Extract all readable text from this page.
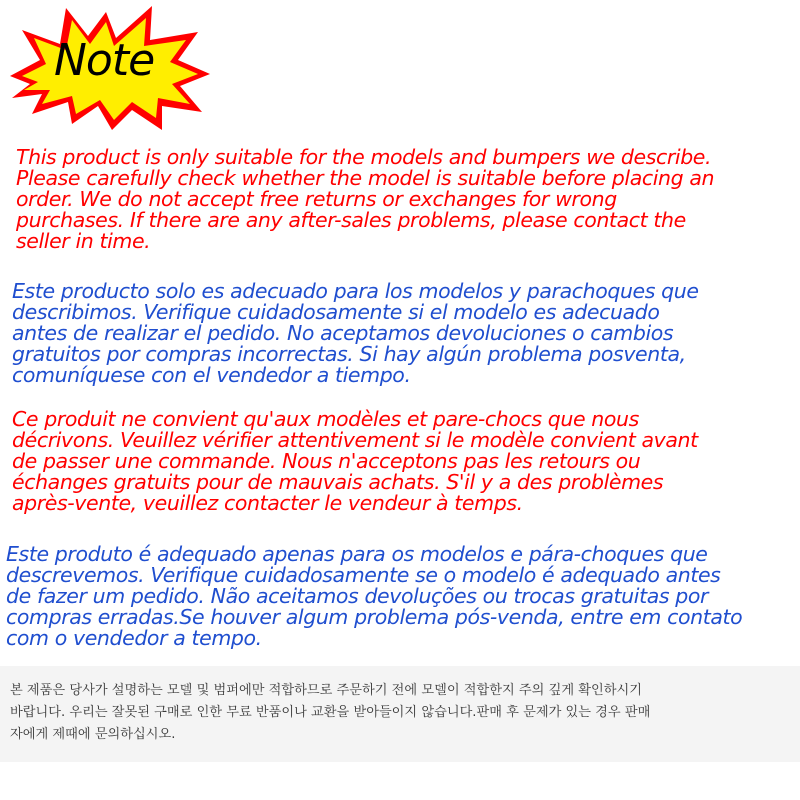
Note

This product is only suitable for the models and bumpers we describe.
Please carefully check whether the model is suitable before placing an
order. We do not accept free returns or exchanges for wrong
purchases. If there are any after-sales problems, please contact the
seller in time.

Este producto solo es adecuado para los modelos y parachoques que
describimos. Verifique cuidadosamente si el modelo es adecuado
antes de realizar el pedido. No aceptamos devoluciones o cambios
gratuitos por compras incorrectas. Si hay algún problema posventa,
comuníquese con el vendedor a tiempo.

Ce produit ne convient qu'aux modèles et pare-chocs que nous
décrivons. Veuillez vérifier attentivement si le modèle convient avant
de passer une commande. Nous n'acceptons pas les retours ou
échanges gratuits pour de mauvais achats. S'il y a des problèmes
après-vente, veuillez contacter le vendeur à temps.

Este produto é adequado apenas para os modelos e pára-choques que
descrevemos. Verifique cuidadosamente se o modelo é adequado antes
de fazer um pedido. Não aceitamos devoluções ou trocas gratuitas por
compras erradas.Se houver algum problema pós-venda, entre em contato
com o vendedor a tempo.

본 제품은 당사가 설명하는 모델 및 범퍼에만 적합하므로 주문하기 전에 모델이 적합한지 주의 깊게 확인하시기
바랍니다. 우리는 잘못된 구매로 인한 무료 반품이나 교환을 받아들이지 않습니다.판매 후 문제가 있는 경우 판매
자에게 제때에 문의하십시오.
